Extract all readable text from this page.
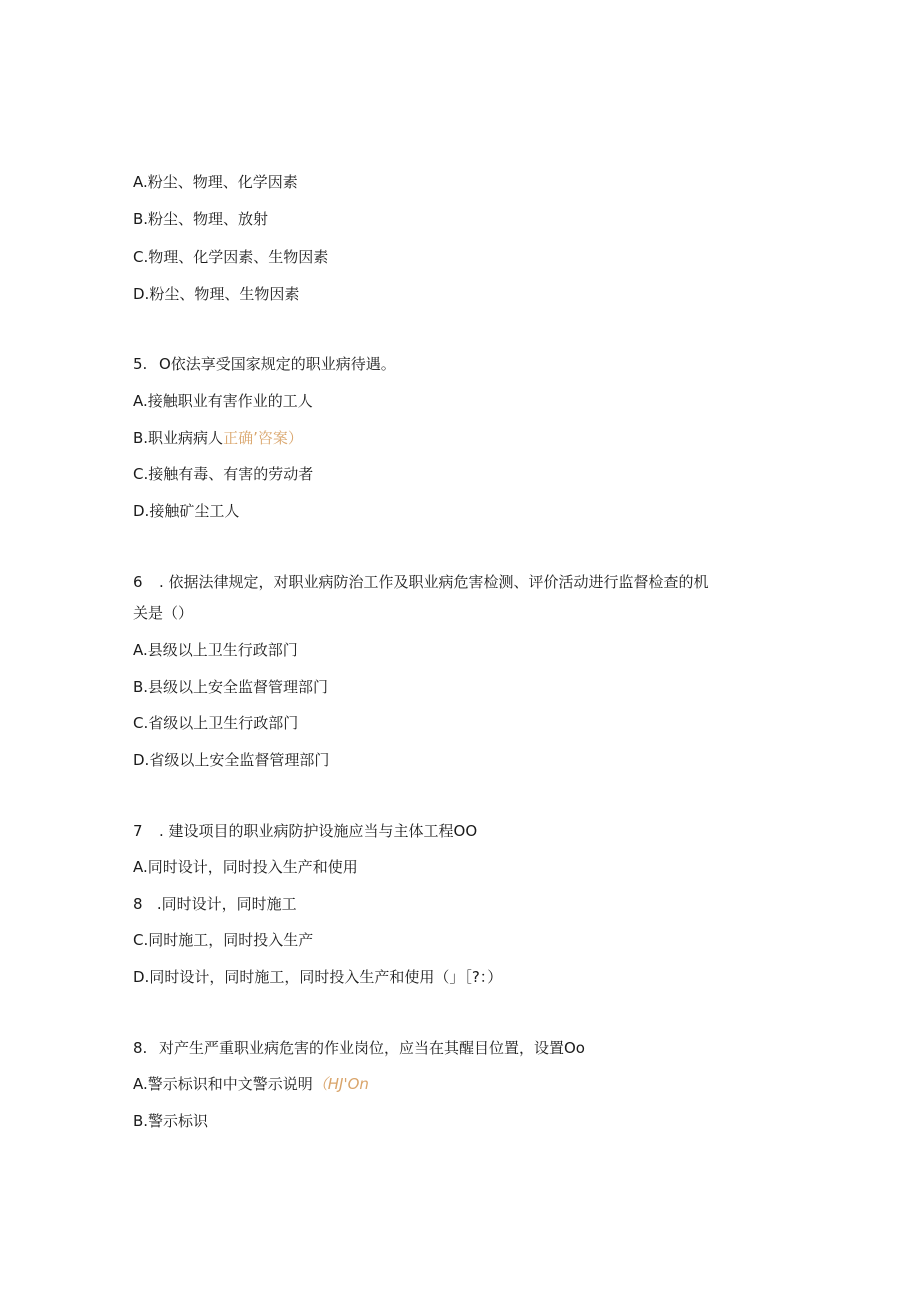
A.粉尘、物理、化学因素
B.粉尘、物理、放射
C.物理、化学因素、生物因素
D.粉尘、物理、生物因素
5. O依法享受国家规定的职业病待遇。
A.接触职业有害作业的工人
B.职业病病人正确’咨案）
C.接触有毒、有害的劳动者
D.接触矿尘工人
6 . 依据法律规定，对职业病防治工作及职业病危害检测、评价活动进行监督检查的机
关是（）
A.县级以上卫生行政部门
B.县级以上安全监督管理部门
C.省级以上卫生行政部门
D.省级以上安全监督管理部门
7 . 建设项目的职业病防护设施应当与主体工程OO
A.同时设计，同时投入生产和使用
8   .同时设计，同时施工
C.同时施工，同时投入生产
D.同时设计，同时施工，同时投入生产和使用（」［?：）
8. 对产生严重职业病危害的作业岗位，应当在其醒目位置，设置Oo
A.警示标识和中文警示说明（HJ'On
B.警示标识
